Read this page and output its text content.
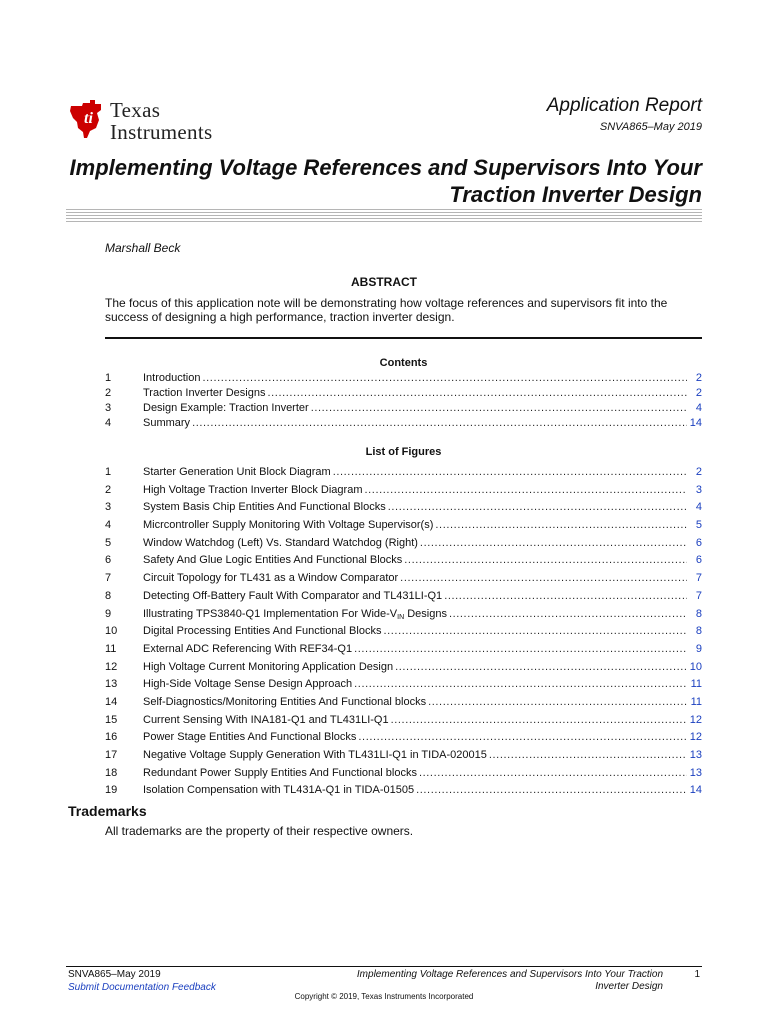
ti Texas
Instruments
Application Report
SNVA865–May 2019
Implementing Voltage References and Supervisors Into Your Traction Inverter Design
Marshall Beck
ABSTRACT
The focus of this application note will be demonstrating how voltage references and supervisors fit into the success of designing a high performance, traction inverter design.
Contents
1	Introduction .....	2
2	Traction Inverter Designs .....	2
3	Design Example: Traction Inverter .....	4
4	Summary .....	14
List of Figures
1	Starter Generation Unit Block Diagram .....	2
2	High Voltage Traction Inverter Block Diagram .....	3
3	System Basis Chip Entities And Functional Blocks .....	4
4	Micrcontroller Supply Monitoring With Voltage Supervisor(s) .....	5
5	Window Watchdog (Left) Vs. Standard Watchdog (Right) .....	6
6	Safety And Glue Logic Entities And Functional Blocks .....	6
7	Circuit Topology for TL431 as a Window Comparator .....	7
8	Detecting Off-Battery Fault With Comparator and TL431LI-Q1 .....	7
9	Illustrating TPS3840-Q1 Implementation For Wide-$V_{IN}$ Designs .....	8
10	Digital Processing Entities And Functional Blocks .....	8
11	External ADC Referencing With REF34-Q1 .....	9
12	High Voltage Current Monitoring Application Design .....	10
13	High-Side Voltage Sense Design Approach .....	11
14	Self-Diagnostics/Monitoring Entities And Functional blocks .....	11
15	Current Sensing With INA181-Q1 and TL431LI-Q1 .....	12
16	Power Stage Entities And Functional Blocks .....	12
17	Negative Voltage Supply Generation With TL431LI-Q1 in TIDA-020015 .....	13
18	Redundant Power Supply Entities And Functional blocks .....	13
19	Isolation Compensation with TL431A-Q1 in TIDA-01505 .....	14
Trademarks
All trademarks are the property of their respective owners.
SNVA865–May 2019
Submit Documentation Feedback
Implementing Voltage References and Supervisors Into Your Traction Inverter Design
1
Copyright © 2019, Texas Instruments Incorporated
